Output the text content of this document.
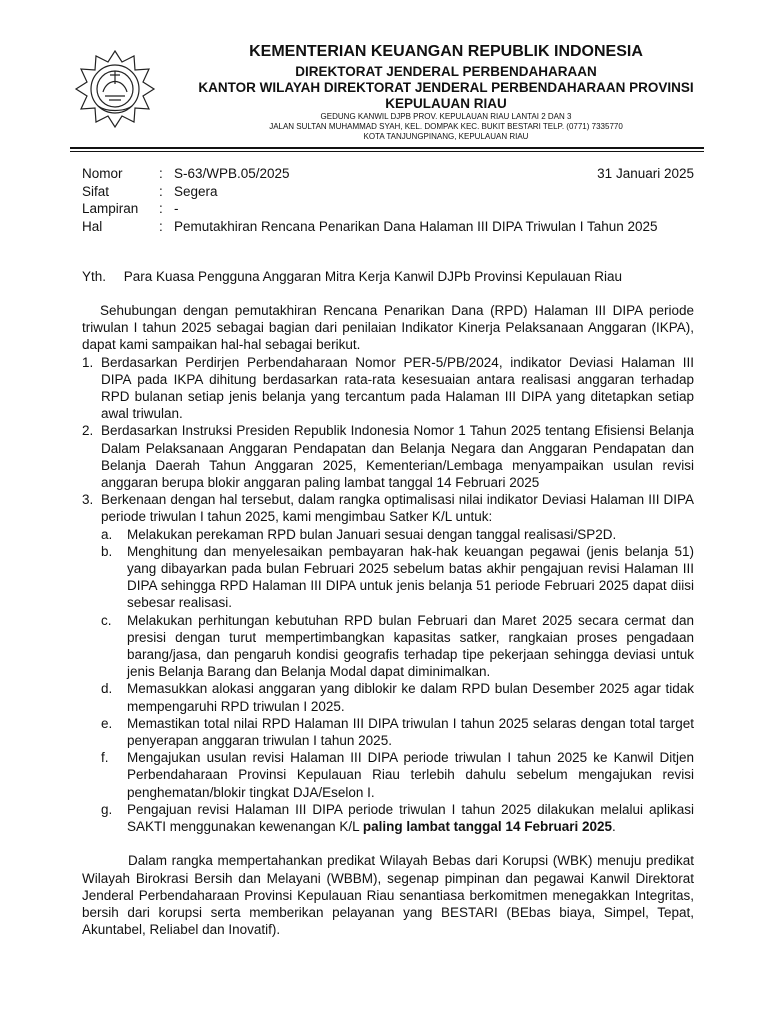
KEMENTERIAN KEUANGAN REPUBLIK INDONESIA
DIREKTORAT JENDERAL PERBENDAHARAAN
KANTOR WILAYAH DIREKTORAT JENDERAL PERBENDAHARAAN PROVINSI
KEPULAUAN RIAU
GEDUNG KANWIL DJPB PROV. KEPULAUAN RIAU LANTAI 2 DAN 3
JALAN SULTAN MUHAMMAD SYAH, KEL. DOMPAK KEC. BUKIT BESTARI TELP. (0771) 7335770
KOTA TANJUNGPINANG, KEPULAUAN RIAU
Nomor	: S-63/WPB.05/2025	31 Januari 2025
Sifat	: Segera
Lampiran : -
Hal	: Pemutakhiran Rencana Penarikan Dana Halaman III DIPA Triwulan I Tahun 2025
Yth. Para Kuasa Pengguna Anggaran Mitra Kerja Kanwil DJPb Provinsi Kepulauan Riau

Sehubungan dengan pemutakhiran Rencana Penarikan Dana (RPD) Halaman III DIPA periode triwulan I tahun 2025 sebagai bagian dari penilaian Indikator Kinerja Pelaksanaan Anggaran (IKPA), dapat kami sampaikan hal-hal sebagai berikut.

1. Berdasarkan Perdirjen Perbendaharaan Nomor PER-5/PB/2024, indikator Deviasi Halaman III DIPA pada IKPA dihitung berdasarkan rata-rata kesesuaian antara realisasi anggaran terhadap RPD bulanan setiap jenis belanja yang tercantum pada Halaman III DIPA yang ditetapkan setiap awal triwulan.
2. Berdasarkan Instruksi Presiden Republik Indonesia Nomor 1 Tahun 2025 tentang Efisiensi Belanja Dalam Pelaksanaan Anggaran Pendapatan dan Belanja Negara dan Anggaran Pendapatan dan Belanja Daerah Tahun Anggaran 2025, Kementerian/Lembaga menyampaikan usulan revisi anggaran berupa blokir anggaran paling lambat tanggal 14 Februari 2025
3. Berkenaan dengan hal tersebut, dalam rangka optimalisasi nilai indikator Deviasi Halaman III DIPA periode triwulan I tahun 2025, kami mengimbau Satker K/L untuk:
a. Melakukan perekaman RPD bulan Januari sesuai dengan tanggal realisasi/SP2D.
b. Menghitung dan menyelesaikan pembayaran hak-hak keuangan pegawai (jenis belanja 51) yang dibayarkan pada bulan Februari 2025 sebelum batas akhir pengajuan revisi Halaman III DIPA sehingga RPD Halaman III DIPA untuk jenis belanja 51 periode Februari 2025 dapat diisi sebesar realisasi.
c. Melakukan perhitungan kebutuhan RPD bulan Februari dan Maret 2025 secara cermat dan presisi dengan turut mempertimbangkan kapasitas satker, rangkaian proses pengadaan barang/jasa, dan pengaruh kondisi geografis terhadap tipe pekerjaan sehingga deviasi untuk jenis Belanja Barang dan Belanja Modal dapat diminimalkan.
d. Memasukkan alokasi anggaran yang diblokir ke dalam RPD bulan Desember 2025 agar tidak mempengaruhi RPD triwulan I 2025.
e. Memastikan total nilai RPD Halaman III DIPA triwulan I tahun 2025 selaras dengan total target penyerapan anggaran triwulan I tahun 2025.
f. Mengajukan usulan revisi Halaman III DIPA periode triwulan I tahun 2025 ke Kanwil Ditjen Perbendaharaan Provinsi Kepulauan Riau terlebih dahulu sebelum mengajukan revisi penghematan/blokir tingkat DJA/Eselon I.
g. Pengajuan revisi Halaman III DIPA periode triwulan I tahun 2025 dilakukan melalui aplikasi SAKTI menggunakan kewenangan K/L paling lambat tanggal 14 Februari 2025.

Dalam rangka mempertahankan predikat Wilayah Bebas dari Korupsi (WBK) menuju predikat Wilayah Birokrasi Bersih dan Melayani (WBBM), segenap pimpinan dan pegawai Kanwil Direktorat Jenderal Perbendaharaan Provinsi Kepulauan Riau senantiasa berkomitmen menegakkan Integritas, bersih dari korupsi serta memberikan pelayanan yang BESTARI (BEbas biaya, Simpel, Tepat, Akuntabel, Reliabel dan Inovatif).
